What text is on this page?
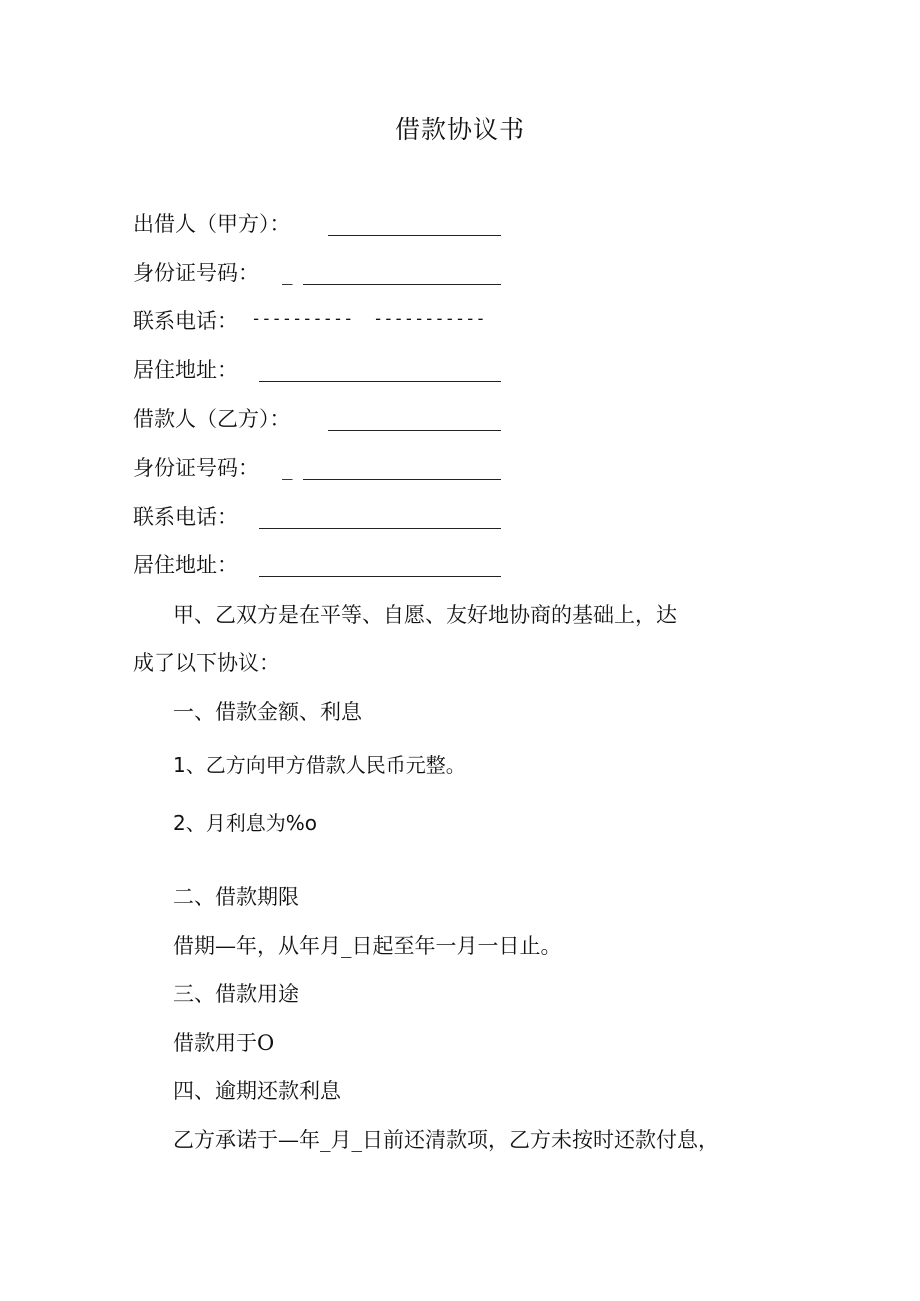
借款协议书
出借人（甲方）：
身份证号码： _
联系电话： ---------- -----------
居住地址：
借款人（乙方）：
身份证号码： _
联系电话：
居住地址：
甲、乙双方是在平等、自愿、友好地协商的基础上，达
成了以下协议：
一、借款金额、利息
1、乙方向甲方借款人民币元整。
2、月利息为%o
二、借款期限
借期—年，从年月_日起至年一月一日止。
三、借款用途
借款用于O
四、逾期还款利息
乙方承诺于—年_月_日前还清款项，乙方未按时还款付息，
